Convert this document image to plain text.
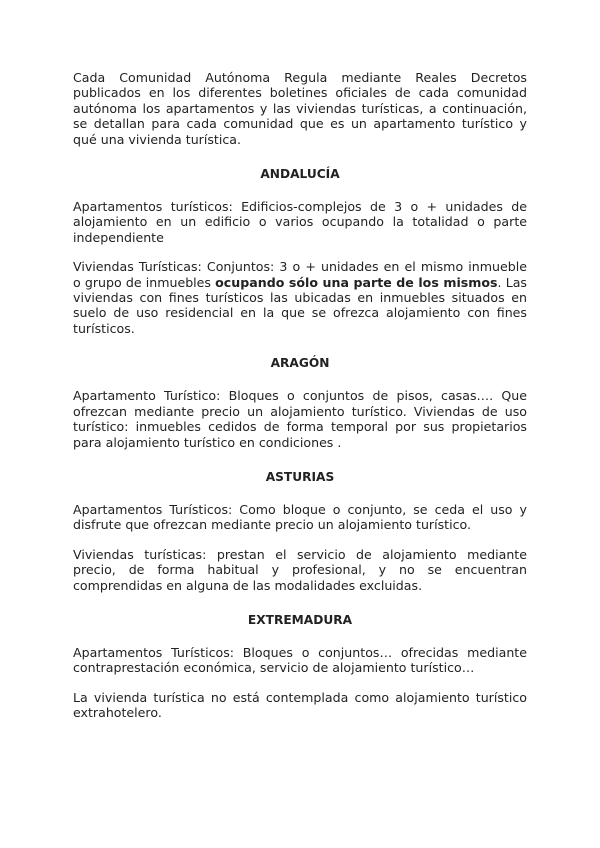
Cada Comunidad Autónoma Regula mediante Reales Decretos publicados en los diferentes boletines oficiales de cada comunidad autónoma los apartamentos y las viviendas turísticas, a continuación, se detallan para cada comunidad que es un apartamento turístico y qué una vivienda turística.

ANDALUCÍA

Apartamentos turísticos: Edificios-complejos de 3 o + unidades de alojamiento en un edificio o varios ocupando la totalidad o parte independiente

Viviendas Turísticas: Conjuntos: 3 o + unidades en el mismo inmueble o grupo de inmuebles ocupando sólo una parte de los mismos. Las viviendas con fines turísticos las ubicadas en inmuebles situados en suelo de uso residencial en la que se ofrezca alojamiento con fines turísticos.

ARAGÓN

Apartamento Turístico: Bloques o conjuntos de pisos, casas…. Que ofrezcan mediante precio un alojamiento turístico. Viviendas de uso turístico: inmuebles cedidos de forma temporal por sus propietarios para alojamiento turístico en condiciones .

ASTURIAS

Apartamentos Turísticos: Como bloque o conjunto, se ceda el uso y disfrute que ofrezcan mediante precio un alojamiento turístico.

Viviendas turísticas: prestan el servicio de alojamiento mediante precio, de forma habitual y profesional, y no se encuentran comprendidas en alguna de las modalidades excluidas.

EXTREMADURA

Apartamentos Turísticos: Bloques o conjuntos… ofrecidas mediante contraprestación económica, servicio de alojamiento turístico…

La vivienda turística no está contemplada como alojamiento turístico extrahotelero.
